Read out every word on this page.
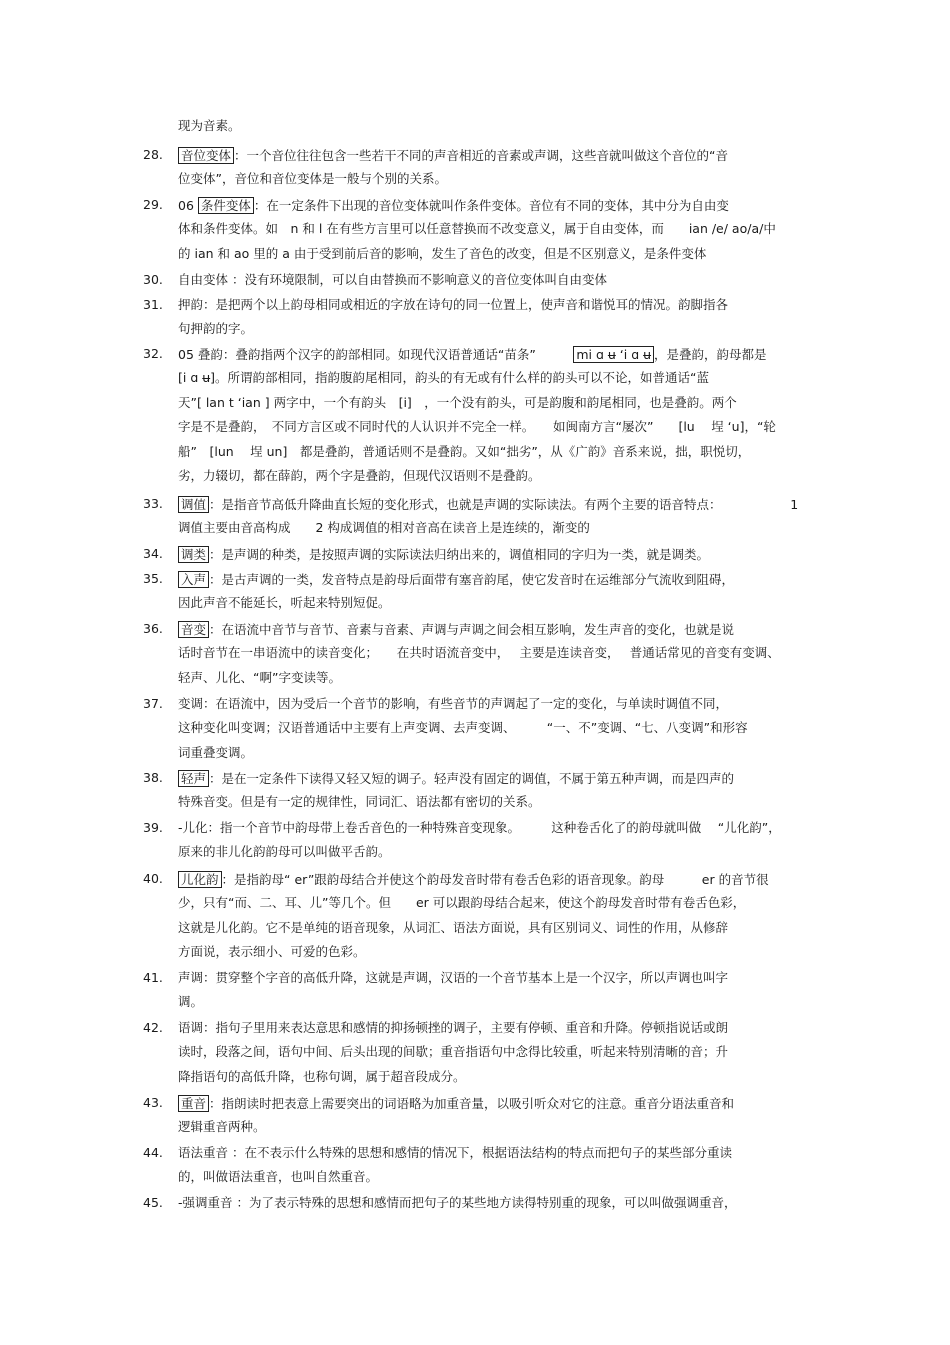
现为音素。
28.	音位变体 ：一个音位往往包含一些若干不同的声音相近的音素或声调，这些音就叫做这个音位的“音
位变体”，音位和音位变体是一般与个别的关系。
29.	06 条件变体 ：在一定条件下出现的音位变体就叫作条件变体。音位有不同的变体，其中分为自由变
体和条件变体。如　n 和 l 在有些方言里可以任意替换而不改变意义，属于自由变体，而　　ian /e/ ao/a/中
的 ian 和 ao 里的 a 由于受到前后音的影响，发生了音色的改变，但是不区别意义，是条件变体
30.	自由变体 ：没有环境限制，可以自由替换而不影响意义的音位变体叫自由变体
31.	押韵：是把两个以上韵母相同或相近的字放在诗句的同一位置上，使声音和谐悦耳的情况。韵脚指各
句押韵的字。
32.	05 叠韵：叠韵指两个汉字的韵部相同。如现代汉语普通话“苗条”　　　mi ɑ ʉ ‘i ɑ ʉ ，是叠韵，韵母都是
[i ɑ ʉ]。所谓韵部相同，指韵腹韵尾相同，韵头的有无或有什么样的韵头可以不论，如普通话“蓝
天”[ lan t ‘ian ] 两字中，一个有韵头　[i]　，一个没有韵头，可是韵腹和韵尾相同，也是叠韵。两个
字是不是叠韵，　不同方言区或不同时代的人认识并不完全一样。　　如闽南方言“屡次”　　[lu　 埕 ‘u]，“轮
船”　[lun　 埕 un]　都是叠韵，普通话则不是叠韵。又如“拙劣”，从《广韵》音系来说，拙，职悦切，
劣，力辍切，都在薛韵，两个字是叠韵，但现代汉语则不是叠韵。
33.	调值 ：是指音节高低升降曲直长短的变化形式，也就是声调的实际读法。有两个主要的语音特点：　　　　　　1
调值主要由音高构成　　2 构成调值的相对音高在读音上是连续的，渐变的
34.	调类 ：是声调的种类，是按照声调的实际读法归纳出来的，调值相同的字归为一类，就是调类。
35.	入声 ：是古声调的一类，发音特点是韵母后面带有塞音韵尾，使它发音时在运维部分气流收到阻碍，
因此声音不能延长，听起来特别短促。
36.	音变 ：在语流中音节与音节、音素与音素、声调与声调之间会相互影响，发生声音的变化，也就是说
话时音节在一串语流中的读音变化；　　在共时语流音变中，　 主要是连读音变，　 普通话常见的音变有变调、
轻声、儿化、“啊”字变读等。
37.	变调：在语流中，因为受后一个音节的影响，有些音节的声调起了一定的变化，与单读时调值不同，
这种变化叫变调；汉语普通话中主要有上声变调、去声变调、　　　“一、不”变调、“七、八变调”和形容
词重叠变调。
38.	轻声 ：是在一定条件下读得又轻又短的调子。轻声没有固定的调值，不属于第五种声调，而是四声的
特殊音变。但是有一定的规律性，同词汇、语法都有密切的关系。
39.	-儿化：指一个音节中韵母带上卷舌音色的一种特殊音变现象。　　　这种卷舌化了的韵母就叫做　 “儿化韵”，
原来的非儿化韵韵母可以叫做平舌韵。
40.	儿化韵 ：是指韵母“ er”跟韵母结合并使这个韵母发音时带有卷舌色彩的语音现象。韵母　　　er 的音节很
少，只有“而、二、耳、儿”等几个。但　　er 可以跟韵母结合起来，使这个韵母发音时带有卷舌色彩，
这就是儿化韵。它不是单纯的语音现象，从词汇、语法方面说，具有区别词义、词性的作用，从修辞
方面说，表示细小、可爱的色彩。
41.	声调：贯穿整个字音的高低升降，这就是声调，汉语的一个音节基本上是一个汉字，所以声调也叫字
调。
42.	语调：指句子里用来表达意思和感情的抑扬顿挫的调子，主要有停顿、重音和升降。停顿指说话或朗
读时，段落之间，语句中间、后头出现的间歇；重音指语句中念得比较重，听起来特别清晰的音；升
降指语句的高低升降，也称句调，属于超音段成分。
43.	重音 ：指朗读时把表意上需要突出的词语略为加重音量，以吸引听众对它的注意。重音分语法重音和
逻辑重音两种。
44.	语法重音 ：在不表示什么特殊的思想和感情的情况下，根据语法结构的特点而把句子的某些部分重读
的，叫做语法重音，也叫自然重音。
45.	-强调重音 ：为了表示特殊的思想和感情而把句子的某些地方读得特别重的现象，可以叫做强调重音，
